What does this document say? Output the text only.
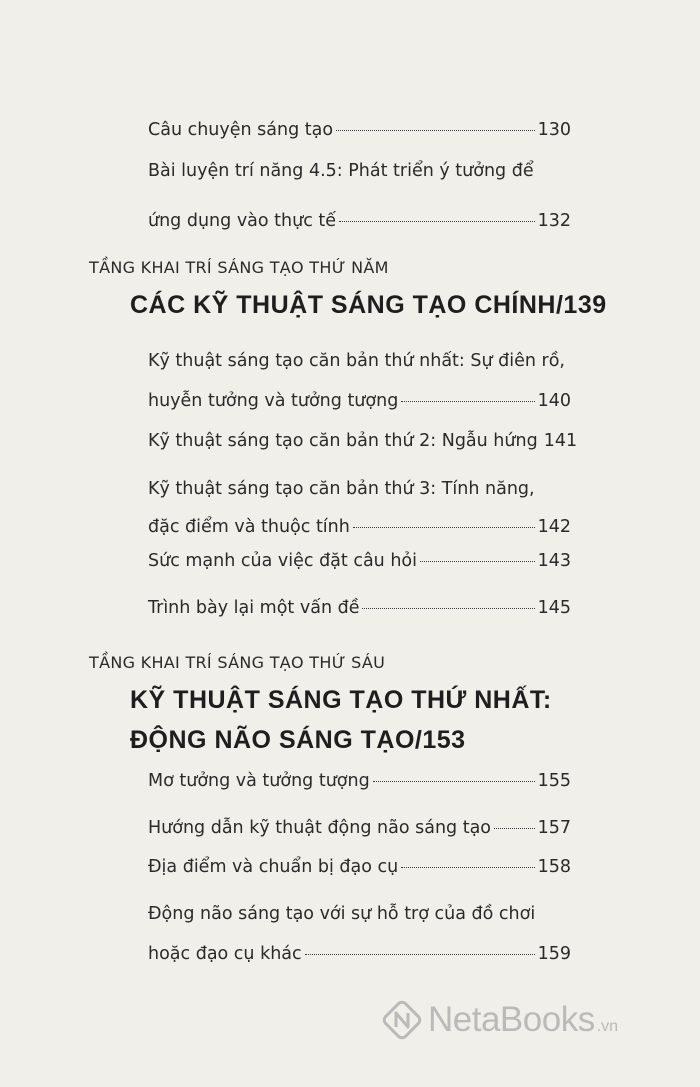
Câu chuyện sáng tạo	130
Bài luyện trí năng 4.5: Phát triển ý tưởng để
ứng dụng vào thực tế	132
TẦNG KHAI TRÍ SÁNG TẠO THỨ NĂM
CÁC KỸ THUẬT SÁNG TẠO CHÍNH/139
Kỹ thuật sáng tạo căn bản thứ nhất: Sự điên rồ,
huyễn tưởng và tưởng tượng	140
Kỹ thuật sáng tạo căn bản thứ 2: Ngẫu hứng 141
Kỹ thuật sáng tạo căn bản thứ 3: Tính năng,
đặc điểm và thuộc tính	142
Sức mạnh của việc đặt câu hỏi	143
Trình bày lại một vấn đề	145
TẦNG KHAI TRÍ SÁNG TẠO THỨ SÁU
KỸ THUẬT SÁNG TẠO THỨ NHẤT:
ĐỘNG NÃO SÁNG TẠO/153
Mơ tưởng và tưởng tượng	155
Hướng dẫn kỹ thuật động não sáng tạo	157
Địa điểm và chuẩn bị đạo cụ	158
Động não sáng tạo với sự hỗ trợ của đồ chơi
hoặc đạo cụ khác	159
NetaBooks .vn
